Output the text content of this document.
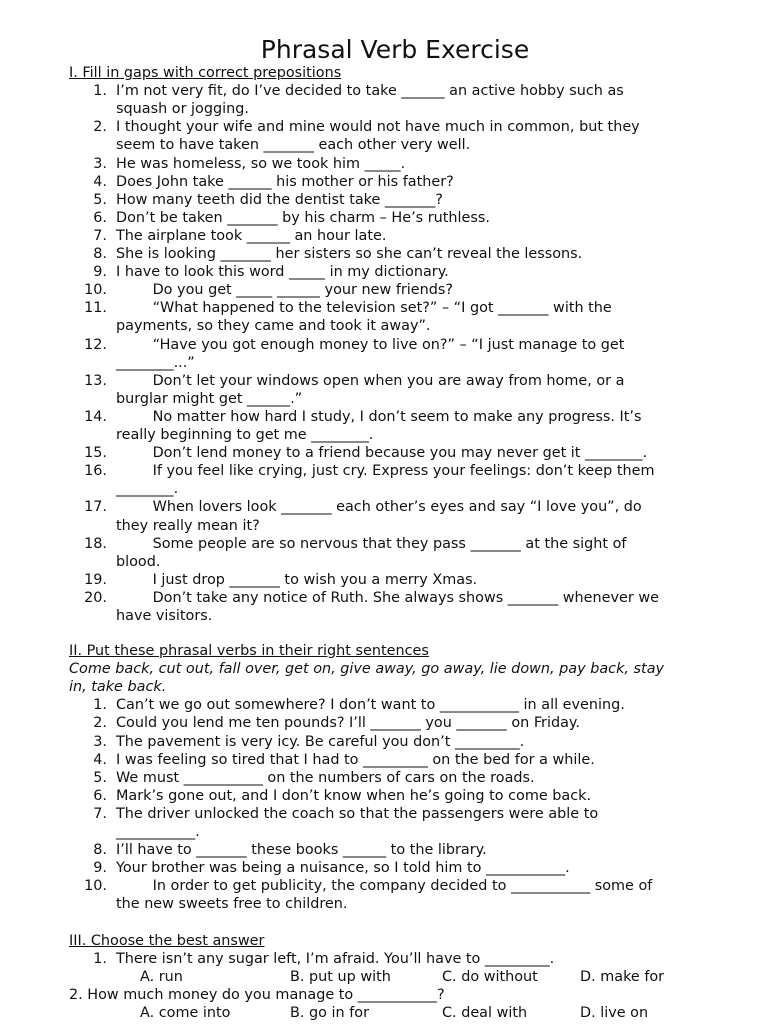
Phrasal Verb Exercise
I. Fill in gaps with correct prepositions
1. I’m not very fit, do I’ve decided to take ______ an active hobby such as
squash or jogging.
2. I thought your wife and mine would not have much in common, but they
seem to have taken _______ each other very well.
3. He was homeless, so we took him _____.
4. Does John take ______ his mother or his father?
5. How many teeth did the dentist take _______?
6. Don’t be taken _______ by his charm – He’s ruthless.
7. The airplane took ______ an hour late.
8. She is looking _______ her sisters so she can’t reveal the lessons.
9. I have to look this word _____ in my dictionary.
10. Do you get _____ ______ your new friends?
11. “What happened to the television set?” – “I got _______ with the
payments, so they came and took it away”.
12. “Have you got enough money to live on?” – “I just manage to get
________...”
13. Don’t let your windows open when you are away from home, or a
burglar might get ______.”
14. No matter how hard I study, I don’t seem to make any progress. It’s
really beginning to get me ________.
15. Don’t lend money to a friend because you may never get it ________.
16. If you feel like crying, just cry. Express your feelings: don’t keep them
________.
17. When lovers look _______ each other’s eyes and say “I love you”, do
they really mean it?
18. Some people are so nervous that they pass _______ at the sight of
blood.
19. I just drop _______ to wish you a merry Xmas.
20. Don’t take any notice of Ruth. She always shows _______ whenever we
have visitors.
II. Put these phrasal verbs in their right sentences
Come back, cut out, fall over, get on, give away, go away, lie down, pay back, stay
in, take back.
1. Can’t we go out somewhere? I don’t want to ___________ in all evening.
2. Could you lend me ten pounds? I’ll _______ you _______ on Friday.
3. The pavement is very icy. Be careful you don’t _________.
4. I was feeling so tired that I had to _________ on the bed for a while.
5. We must ___________ on the numbers of cars on the roads.
6. Mark’s gone out, and I don’t know when he’s going to come back.
7. The driver unlocked the coach so that the passengers were able to
___________.
8. I’ll have to _______ these books ______ to the library.
9. Your brother was being a nuisance, so I told him to ___________.
10. In order to get publicity, the company decided to ___________ some of
the new sweets free to children.
III. Choose the best answer
1. There isn’t any sugar left, I’m afraid. You’ll have to _________.
A. run	B. put up with	C. do without	D. make for
2. How much money do you manage to ___________?
A. come into	B. go in for	C. deal with	D. live on
